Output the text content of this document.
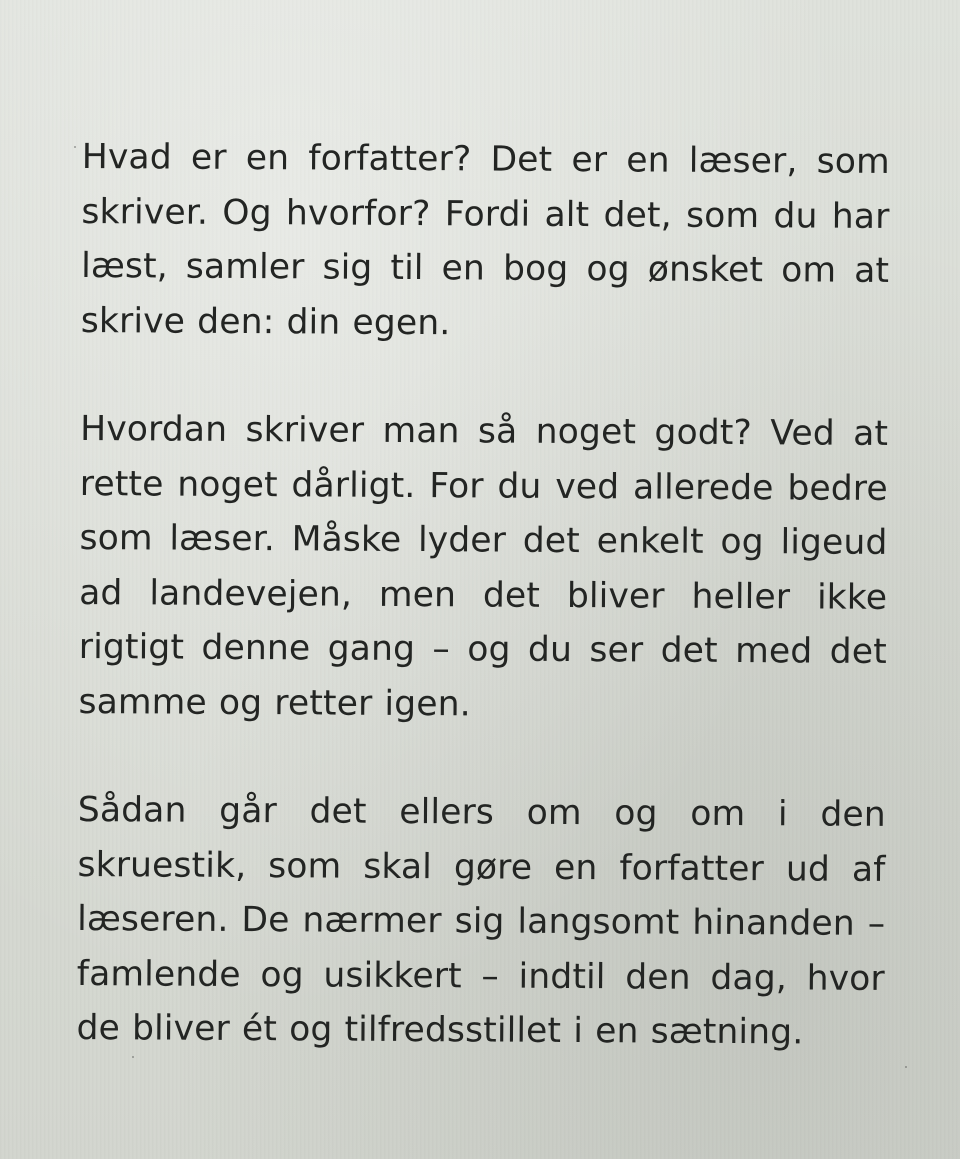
Hvad er en forfatter? Det er en læser, som skriver. Og hvorfor? Fordi alt det, som du har læst, samler sig til en bog og ønsket om at skrive den: din egen.

Hvordan skriver man så noget godt? Ved at rette noget dårligt. For du ved allerede bedre som læser. Måske lyder det enkelt og ligeud ad landevejen, men det bliver heller ikke rigtigt denne gang – og du ser det med det samme og retter igen.

Sådan går det ellers om og om i den skruestik, som skal gøre en forfatter ud af læseren. De nærmer sig langsomt hinanden – famlende og usikkert – indtil den dag, hvor de bliver ét og tilfredsstillet i en sætning.
